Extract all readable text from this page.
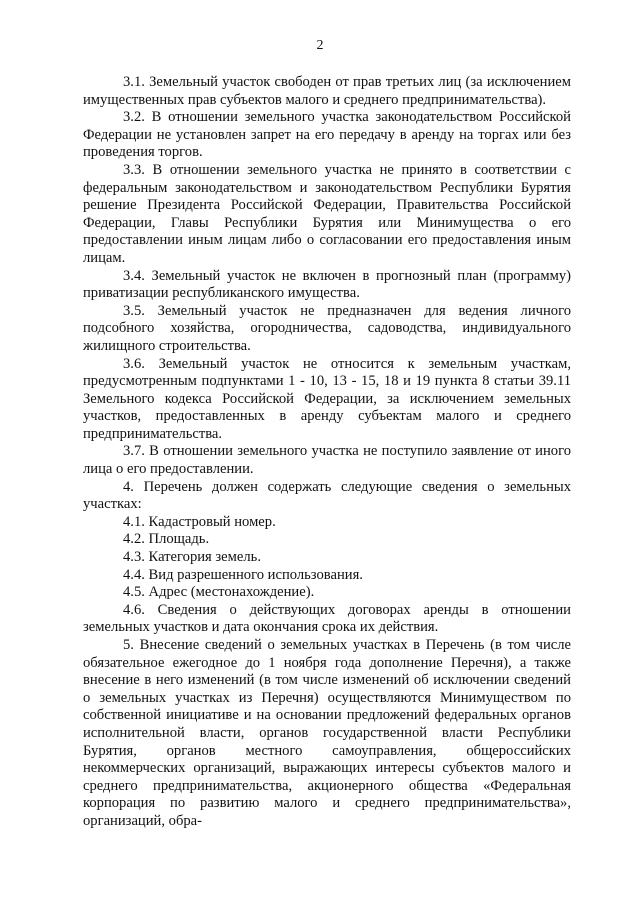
2

3.1. Земельный участок свободен от прав третьих лиц (за исключением имущественных прав субъектов малого и среднего предпринимательства).

3.2. В отношении земельного участка законодательством Российской Федерации не установлен запрет на его передачу в аренду на торгах или без проведения торгов.

3.3. В отношении земельного участка не принято в соответствии с федеральным законодательством и законодательством Республики Бурятия решение Президента Российской Федерации, Правительства Российской Федерации, Главы Республики Бурятия или Минимущества о его предоставлении иным лицам либо о согласовании его предоставления иным лицам.

3.4. Земельный участок не включен в прогнозный план (программу) приватизации республиканского имущества.

3.5. Земельный участок не предназначен для ведения личного подсобного хозяйства, огородничества, садоводства, индивидуального жилищного строительства.

3.6. Земельный участок не относится к земельным участкам, предусмотренным подпунктами 1 - 10, 13 - 15, 18 и 19 пункта 8 статьи 39.11 Земельного кодекса Российской Федерации, за исключением земельных участков, предоставленных в аренду субъектам малого и среднего предпринимательства.

3.7. В отношении земельного участка не поступило заявление от иного лица о его предоставлении.

4. Перечень должен содержать следующие сведения о земельных участках:

4.1. Кадастровый номер.

4.2. Площадь.

4.3. Категория земель.

4.4. Вид разрешенного использования.

4.5. Адрес (местонахождение).

4.6. Сведения о действующих договорах аренды в отношении земельных участков и дата окончания срока их действия.

5. Внесение сведений о земельных участках в Перечень (в том числе обязательное ежегодное до 1 ноября года дополнение Перечня), а также внесение в него изменений (в том числе изменений об исключении сведений о земельных участках из Перечня) осуществляются Минимуществом по собственной инициативе и на основании предложений федеральных органов исполнительной власти, органов государственной власти Республики Бурятия, органов местного самоуправления, общероссийских некоммерческих организаций, выражающих интересы субъектов малого и среднего предпринимательства, акционерного общества «Федеральная корпорация по развитию малого и среднего предпринимательства», организаций, обра-
